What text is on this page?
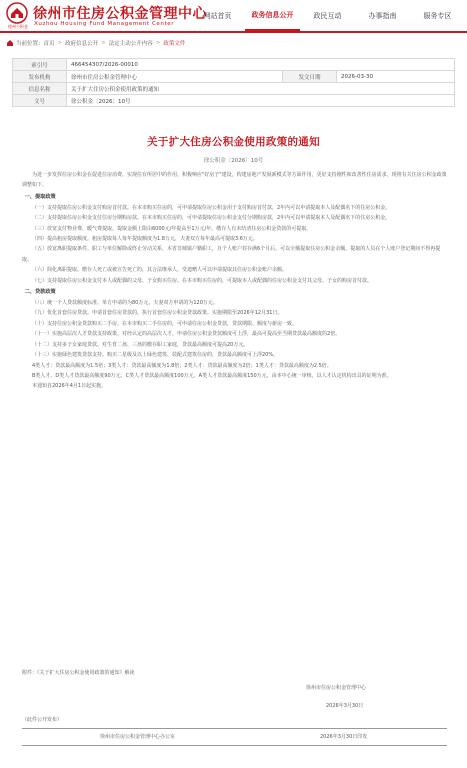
徐州公积金
徐州市住房公积金管理中心
Xuzhou Housing Fund Management Center
网站首页	政务信息公开	政民互动	办事指南	服务专区
当前位置： 首页 > 政府信息公开 > 法定主动公开内容 > 政策文件
索引号	466454307/2026-00010		
发布机构	徐州市住房公积金管理中心	发文日期	2026-03-30
信息名称	关于扩大住房公积金使用政策的通知		
文号	徐公积金〔2026〕10号		
关于扩大住房公积金使用政策的通知
徐公积金〔2026〕10号

为进一步发挥住房公积金在促进住房消费、实现住有所居中的作用，积极响应"好房子"建设，构建房地产发展新模式等方面作用，更好支持刚性和改善性住房需求，现将有关住房公积金政策调整如下。

一、提取政策

（一）支持提取住房公积金支付购房首付款。在本市购买住房的，可申请提取住房公积金用于支付购房首付款，2年内可以申请提取本人及配偶名下的住房公积金。

（二）支持提取住房公积金支付住房分期购房款。在本市购买住房的，可申请提取住房公积金支付分期购房款，2年内可以申请提取本人及配偶名下的住房公积金。

（三）放宽支付物业费、暖气费提取。提取金额上限由6000元/年提高至1万元/年，缴存人有未结清住房公积金贷款的可提取。

（四）提高租房提取额度。租房提取每人每年提取额度为1.8万元，夫妻双方每年最高可提取3.6万元。

（五）放宽离职提取条件。职工与单位解除或终止劳动关系，本省非城镇户籍职工，且个人账户封存满6个月后，可以全额提取住房公积金余额。提取的人员在个人账户登记期间不得再提取。

（六）简化离职提取。缴存人死亡或被宣告死亡的，其合法继承人、受遗赠人可以申请提取其住房公积金账户余额。

（七）支持提取住房公积金支付本人或配偶的父母、子女购买住房。在本市购买住房的，可提取本人或配偶的住房公积金支付其父母、子女的购房首付款。

二、贷款政策

（八）统一个人贷款额度标准。单方申请的为80万元，夫妻双方申请的为120万元。

（九）优化首套住房贷款。申请首套住房贷款的，执行首套住房公积金贷款政策。实施期限至2026年12月31日。

（十）支持住房公积金贷款购买二手房。在本市购买二手住房的，可申请住房公积金贷款，贷款期限、额度与新房一致。

（十一）实施高层次人才贷款支持政策。对经认定的高层次人才，申请住房公积金贷款额度可上浮，最高可提高至当期贷款最高额度的2倍。

（十二）支持多子女家庭贷款。对生育二孩、三孩的缴存职工家庭，贷款最高额度可提高20万元。

（十三）实施绿色建筑贷款支持。购买二星级及以上绿色建筑、装配式建筑住房的，贷款最高额度可上浮20%。

4类人才：贷款最高额度为1.5倍；3类人才：贷款最高额度为1.8倍；2类人才：贷款最高额度为2倍；1类人才：贷款最高额度为2.5倍。

B类人才、D类人才贷款最高额度90万元，C类人才贷款最高额度100万元，A类人才贷款最高额度150万元，由本中心统一审核，以人才认定机构出具的证明为准。

本通知自2026年4月1日起实施。

附件：《关于扩大住房公积金使用政策的通知》解读
徐州市住房公积金管理中心
2026年3月30日
（此件公开发布）
徐州市住房公积金管理中心办公室	2026年3月30日印发
